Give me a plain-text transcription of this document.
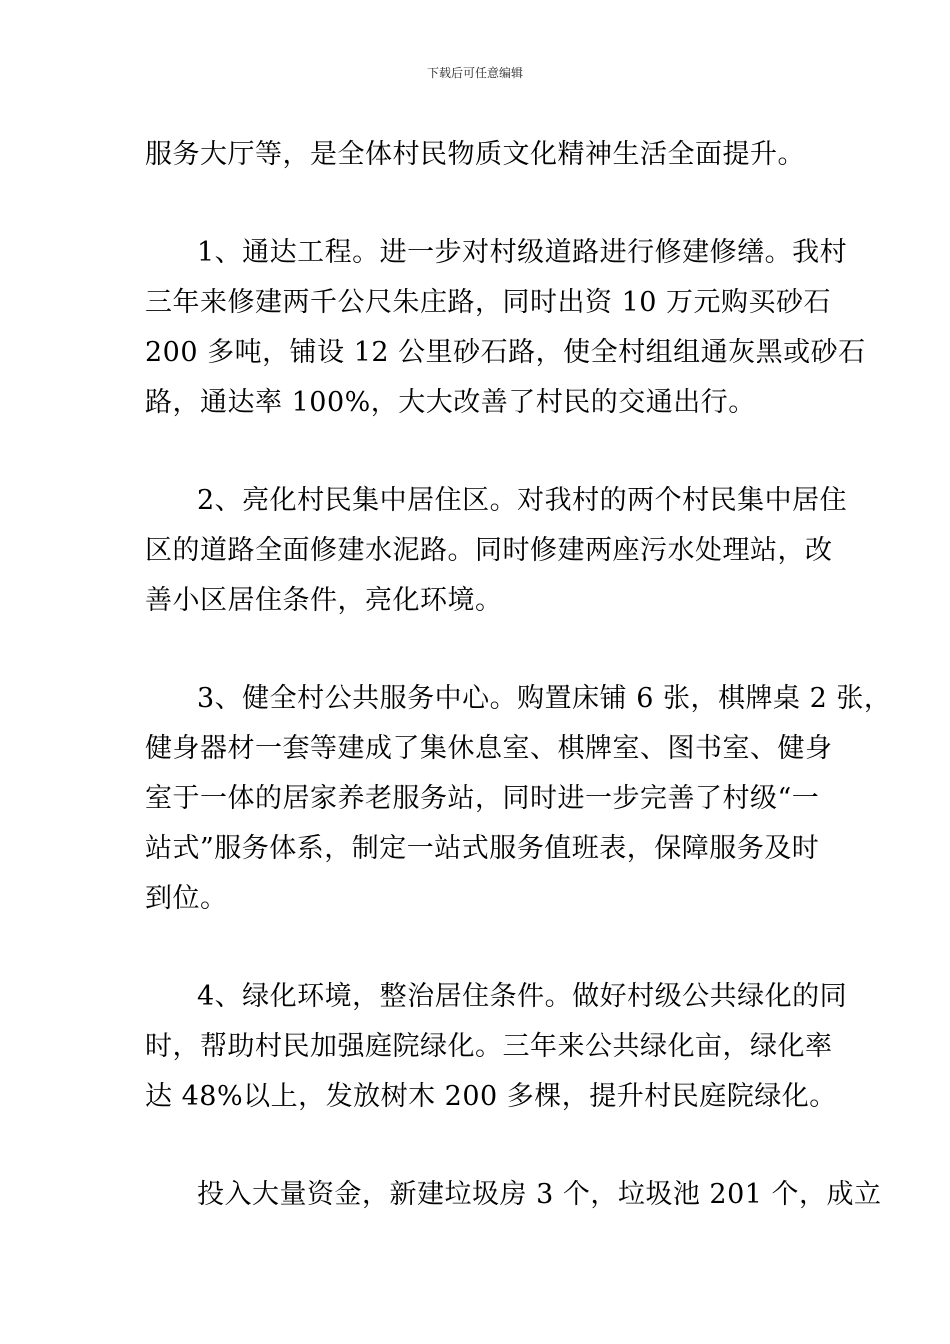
下载后可任意编辑
服务大厅等，是全体村民物质文化精神生活全面提升。
1、通达工程。进一步对村级道路进行修建修缮。我村
三年来修建两千公尺朱庄路，同时出资 10 万元购买砂石
200 多吨，铺设 12 公里砂石路，使全村组组通灰黑或砂石
路，通达率 100%，大大改善了村民的交通出行。
2、亮化村民集中居住区。对我村的两个村民集中居住
区的道路全面修建水泥路。同时修建两座污水处理站，改
善小区居住条件，亮化环境。
3、健全村公共服务中心。购置床铺 6 张，棋牌桌 2 张，
健身器材一套等建成了集休息室、棋牌室、图书室、健身
室于一体的居家养老服务站，同时进一步完善了村级“一
站式”服务体系，制定一站式服务值班表，保障服务及时
到位。
4、绿化环境，整治居住条件。做好村级公共绿化的同
时，帮助村民加强庭院绿化。三年来公共绿化亩，绿化率
达 48%以上，发放树木 200 多棵，提升村民庭院绿化。
投入大量资金，新建垃圾房 3 个，垃圾池 201 个，成立
